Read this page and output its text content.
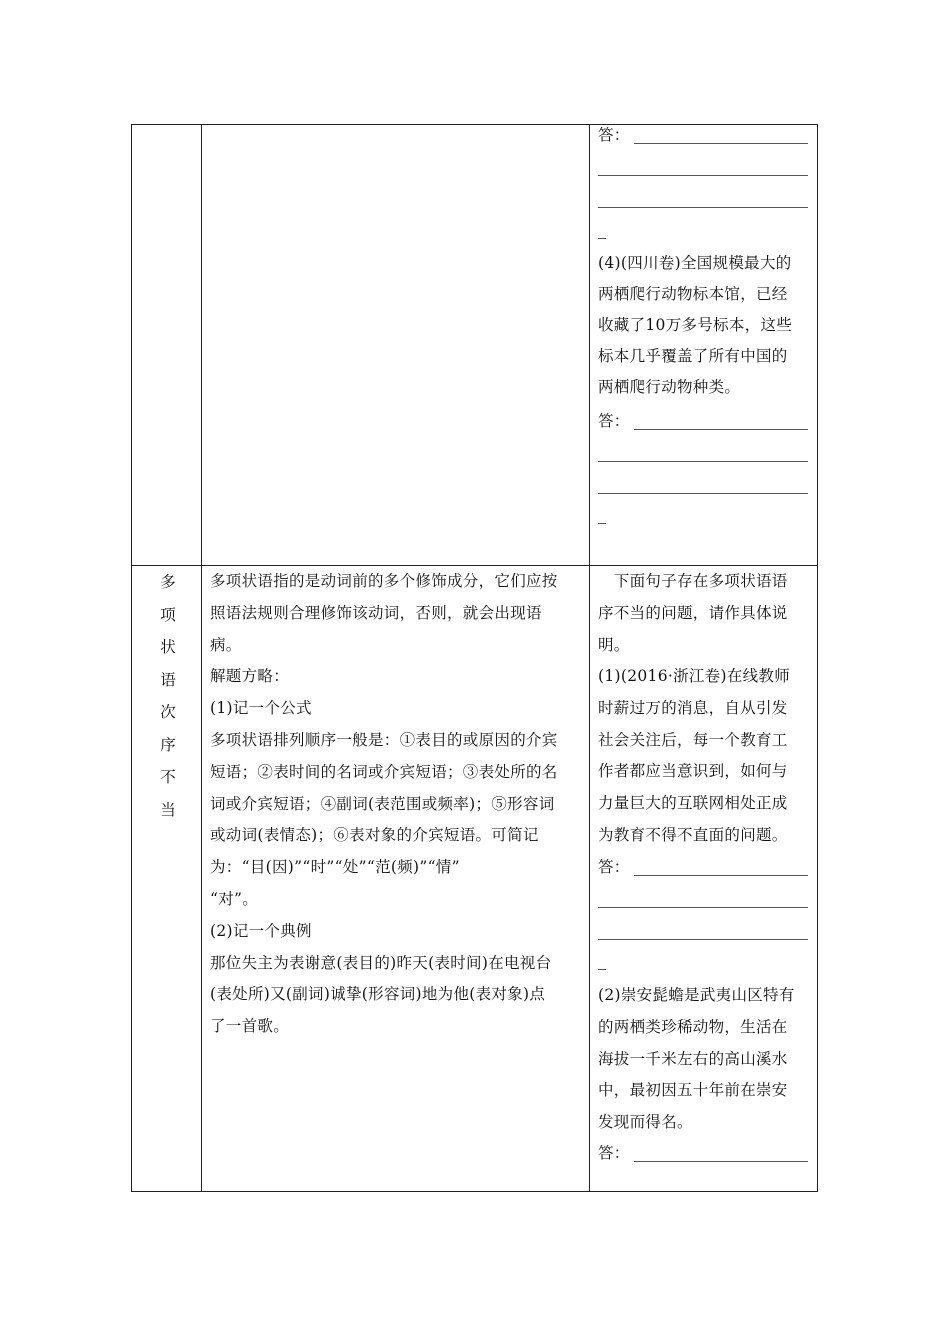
答：
(4)(四川卷)全国规模最大的
两栖爬行动物标本馆，已经
收藏了10万多号标本，这些
标本几乎覆盖了所有中国的
两栖爬行动物种类。
答：
多
项
状
语
次
序
不
当
多项状语指的是动词前的多个修饰成分，它们应按
照语法规则合理修饰该动词，否则，就会出现语
病。
解题方略：
(1)记一个公式
多项状语排列顺序一般是：①表目的或原因的介宾
短语；②表时间的名词或介宾短语；③表处所的名
词或介宾短语；④副词(表范围或频率)；⑤形容词
或动词(表情态)；⑥表对象的介宾短语。可简记
为：“目(因)”“时”“处”“范(频)”“情”
“对”。
(2)记一个典例
那位失主为表谢意(表目的)昨天(表时间)在电视台
(表处所)又(副词)诚挚(形容词)地为他(表对象)点
了一首歌。
　下面句子存在多项状语语
序不当的问题，请作具体说
明。
(1)(2016·浙江卷)在线教师
时薪过万的消息，自从引发
社会关注后，每一个教育工
作者都应当意识到，如何与
力量巨大的互联网相处正成
为教育不得不直面的问题。
答：
(2)崇安髭蟾是武夷山区特有
的两栖类珍稀动物，生活在
海拔一千米左右的高山溪水
中，最初因五十年前在崇安
发现而得名。
答：
